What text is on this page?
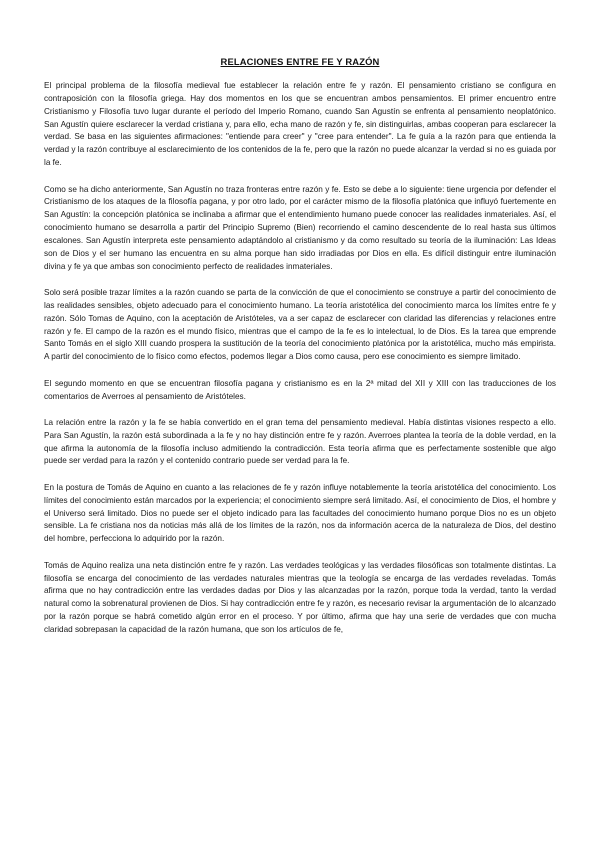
RELACIONES ENTRE FE Y RAZÓN

El principal problema de la filosofía medieval fue establecer la relación entre fe y razón. El pensamiento cristiano se configura en contraposición con la filosofía griega. Hay dos momentos en los que se encuentran ambos pensamientos. El primer encuentro entre Cristianismo y Filosofía tuvo lugar durante el período del Imperio Romano, cuando San Agustín se enfrenta al pensamiento neoplatónico. San Agustín quiere esclarecer la verdad cristiana y, para ello, echa mano de razón y fe, sin distinguirlas, ambas cooperan para esclarecer la verdad. Se basa en las siguientes afirmaciones: "entiende para creer" y "cree para entender". La fe guía a la razón para que entienda la verdad y la razón contribuye al esclarecimiento de los contenidos de la fe, pero que la razón no puede alcanzar la verdad si no es guiada por la fe.

Como se ha dicho anteriormente, San Agustín no traza fronteras entre razón y fe. Esto se debe a lo siguiente: tiene urgencia por defender el Cristianismo de los ataques de la filosofía pagana, y por otro lado, por el carácter mismo de la filosofía platónica que influyó fuertemente en San Agustín: la concepción platónica se inclinaba a afirmar que el entendimiento humano puede conocer las realidades inmateriales. Así, el conocimiento humano se desarrolla a partir del Principio Supremo (Bien) recorriendo el camino descendente de lo real hasta sus últimos escalones. San Agustín interpreta este pensamiento adaptándolo al cristianismo y da como resultado su teoría de la iluminación: Las Ideas son de Dios y el ser humano las encuentra en su alma porque han sido irradiadas por Dios en ella. Es difícil distinguir entre iluminación divina y fe ya que ambas son conocimiento perfecto de realidades inmateriales.

Solo será posible trazar límites a la razón cuando se parta de la convicción de que el conocimiento se construye a partir del conocimiento de las realidades sensibles, objeto adecuado para el conocimiento humano. La teoría aristotélica del conocimiento marca los límites entre fe y razón. Sólo Tomas de Aquino, con la aceptación de Aristóteles, va a ser capaz de esclarecer con claridad las diferencias y relaciones entre razón y fe. El campo de la razón es el mundo físico, mientras que el campo de la fe es lo intelectual, lo de Dios. Es la tarea que emprende Santo Tomás en el siglo XIII cuando prospera la sustitución de la teoría del conocimiento platónica por la aristotélica, mucho más empirista. A partir del conocimiento de lo físico como efectos, podemos llegar a Dios como causa, pero ese conocimiento es siempre limitado.

El segundo momento en que se encuentran filosofía pagana y cristianismo es en la 2ª mitad del XII y XIII con las traducciones de los comentarios de Averroes al pensamiento de Aristóteles.

La relación entre la razón y la fe se había convertido en el gran tema del pensamiento medieval. Había distintas visiones respecto a ello. Para San Agustín, la razón está subordinada a la fe y no hay distinción entre fe y razón. Averroes plantea la teoría de la doble verdad, en la que afirma la autonomía de la filosofía incluso admitiendo la contradicción. Esta teoría afirma que es perfectamente sostenible que algo puede ser verdad para la razón y el contenido contrario puede ser verdad para la fe.

En la postura de Tomás de Aquino en cuanto a las relaciones de fe y razón influye notablemente la teoría aristotélica del conocimiento. Los límites del conocimiento están marcados por la experiencia; el conocimiento siempre será limitado. Así, el conocimiento de Dios, el hombre y el Universo será limitado. Dios no puede ser el objeto indicado para las facultades del conocimiento humano porque Dios no es un objeto sensible. La fe cristiana nos da noticias más allá de los límites de la razón, nos da información acerca de la naturaleza de Dios, del destino del hombre, perfecciona lo adquirido por la razón.

Tomás de Aquino realiza una neta distinción entre fe y razón. Las verdades teológicas y las verdades filosóficas son totalmente distintas. La filosofía se encarga del conocimiento de las verdades naturales mientras que la teología se encarga de las verdades reveladas. Tomás afirma que no hay contradicción entre las verdades dadas por Dios y las alcanzadas por la razón, porque toda la verdad, tanto la verdad natural como la sobrenatural provienen de Dios. Si hay contradicción entre fe y razón, es necesario revisar la argumentación de lo alcanzado por la razón porque se habrá cometido algún error en el proceso. Y por último, afirma que hay una serie de verdades que con mucha claridad sobrepasan la capacidad de la razón humana, que son los artículos de fe,
